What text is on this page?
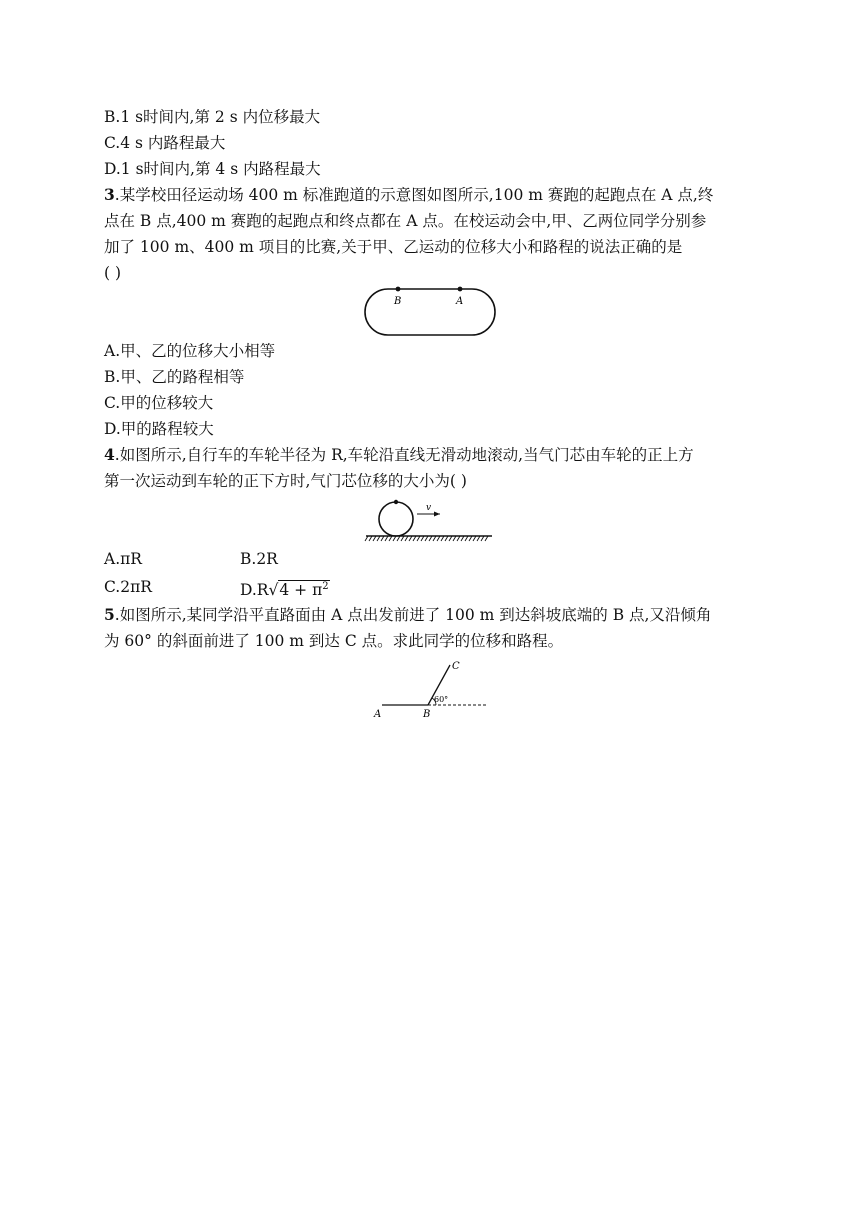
B.1 s时间内,第 2 s 内位移最大
C.4 s 内路程最大
D.1 s时间内,第 4 s 内路程最大
3.某学校田径运动场 400 m 标准跑道的示意图如图所示,100 m 赛跑的起跑点在 A 点,终
点在 B 点,400 m 赛跑的起跑点和终点都在 A 点。在校运动会中,甲、乙两位同学分别参
加了 100 m、400 m 项目的比赛,关于甲、乙运动的位移大小和路程的说法正确的是
( )
B	A
A.甲、乙的位移大小相等
B.甲、乙的路程相等
C.甲的位移较大
D.甲的路程较大
4.如图所示,自行车的车轮半径为 R,车轮沿直线无滑动地滚动,当气门芯由车轮的正上方
第一次运动到车轮的正下方时,气门芯位移的大小为( )
v
A.πR	B.2R
C.2πR	$D.R√4 + \pi^2$
5.如图所示,某同学沿平直路面由 A 点出发前进了 100 m 到达斜坡底端的 B 点,又沿倾角
为 60° 的斜面前进了 100 m 到达 C 点。求此同学的位移和路程。
A	B
C
60°
